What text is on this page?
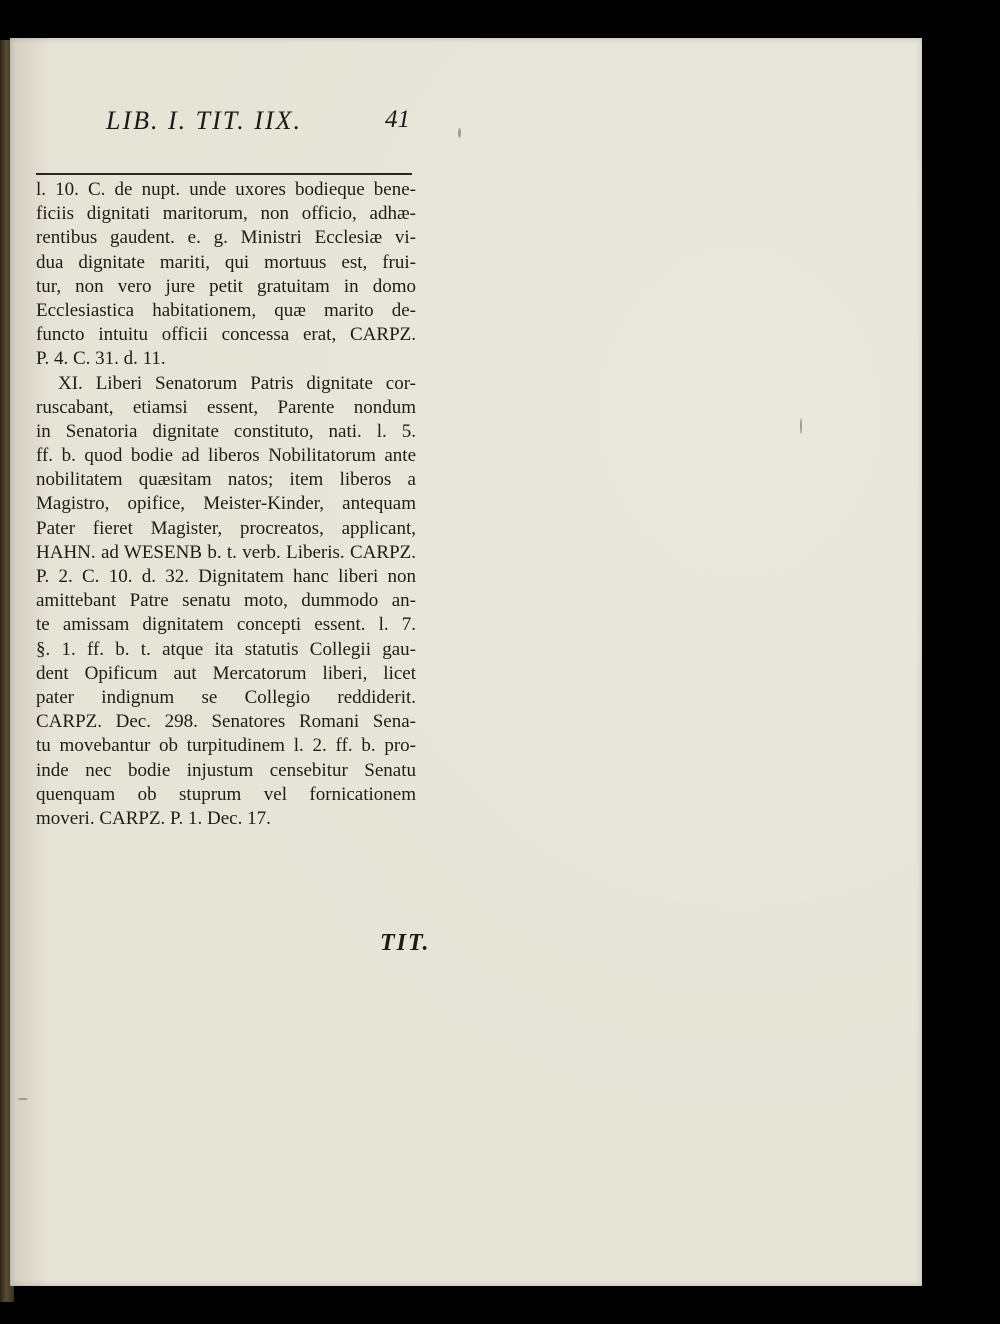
LIB. I. TIT. IIX.	41
l. 10. C. de nupt. unde uxores bodieque bene-
ficiis dignitati maritorum, non officio, adhæ-
rentibus gaudent. e. g. Ministri Ecclesiæ vi-
dua dignitate mariti, qui mortuus est, frui-
tur, non vero jure petit gratuitam in domo
Ecclesiastica habitationem, quæ marito de-
functo intuitu officii concessa erat, CARPZ.
P. 4. C. 31. d. 11.
XI. Liberi Senatorum Patris dignitate cor-
ruscabant, etiamsi essent, Parente nondum
in Senatoria dignitate constituto, nati. l. 5.
ff. b. quod bodie ad liberos Nobilitatorum ante
nobilitatem quæsitam natos; item liberos a
Magistro, opifice, Meister-Kinder, antequam
Pater fieret Magister, procreatos, applicant,
HAHN. ad WESENB b. t. verb. Liberis. CARPZ.
P. 2. C. 10. d. 32. Dignitatem hanc liberi non
amittebant Patre senatu moto, dummodo an-
te amissam dignitatem concepti essent. l. 7.
§. 1. ff. b. t. atque ita statutis Collegii gau-
dent Opificum aut Mercatorum liberi, licet
pater indignum se Collegio reddiderit.
CARPZ. Dec. 298. Senatores Romani Sena-
tu movebantur ob turpitudinem l. 2. ff. b. pro-
inde nec bodie injustum censebitur Senatu
quenquam ob stuprum vel fornicationem
moveri. CARPZ. P. 1. Dec. 17.
TIT.
